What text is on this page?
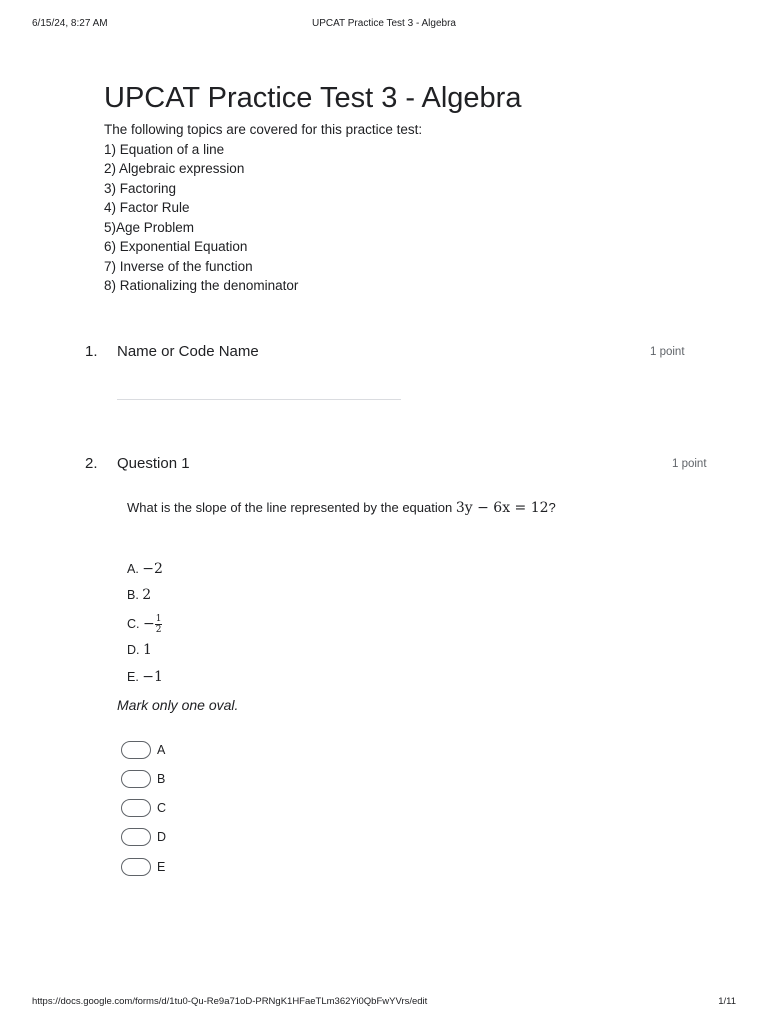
6/15/24, 8:27 AM	UPCAT Practice Test 3 - Algebra
UPCAT Practice Test 3 - Algebra
The following topics are covered for this practice test:
1) Equation of a line
2) Algebraic expression
3) Factoring
4) Factor Rule
5)Age Problem
6) Exponential Equation
7) Inverse of the function
8) Rationalizing the denominator
1. Name or Code Name	1 point
2. Question 1	1 point
What is the slope of the line represented by the equation 3y − 6x = 12?
A. −2
B. 2
C. − $\frac{1}{2}$
D. 1
E. −1
Mark only one oval.
A
B
C
D
E
https://docs.google.com/forms/d/1tu0-Qu-Re9a71oD-PRNgK1HFaeTLm362Yi0QbFwYVrs/edit	1/11
